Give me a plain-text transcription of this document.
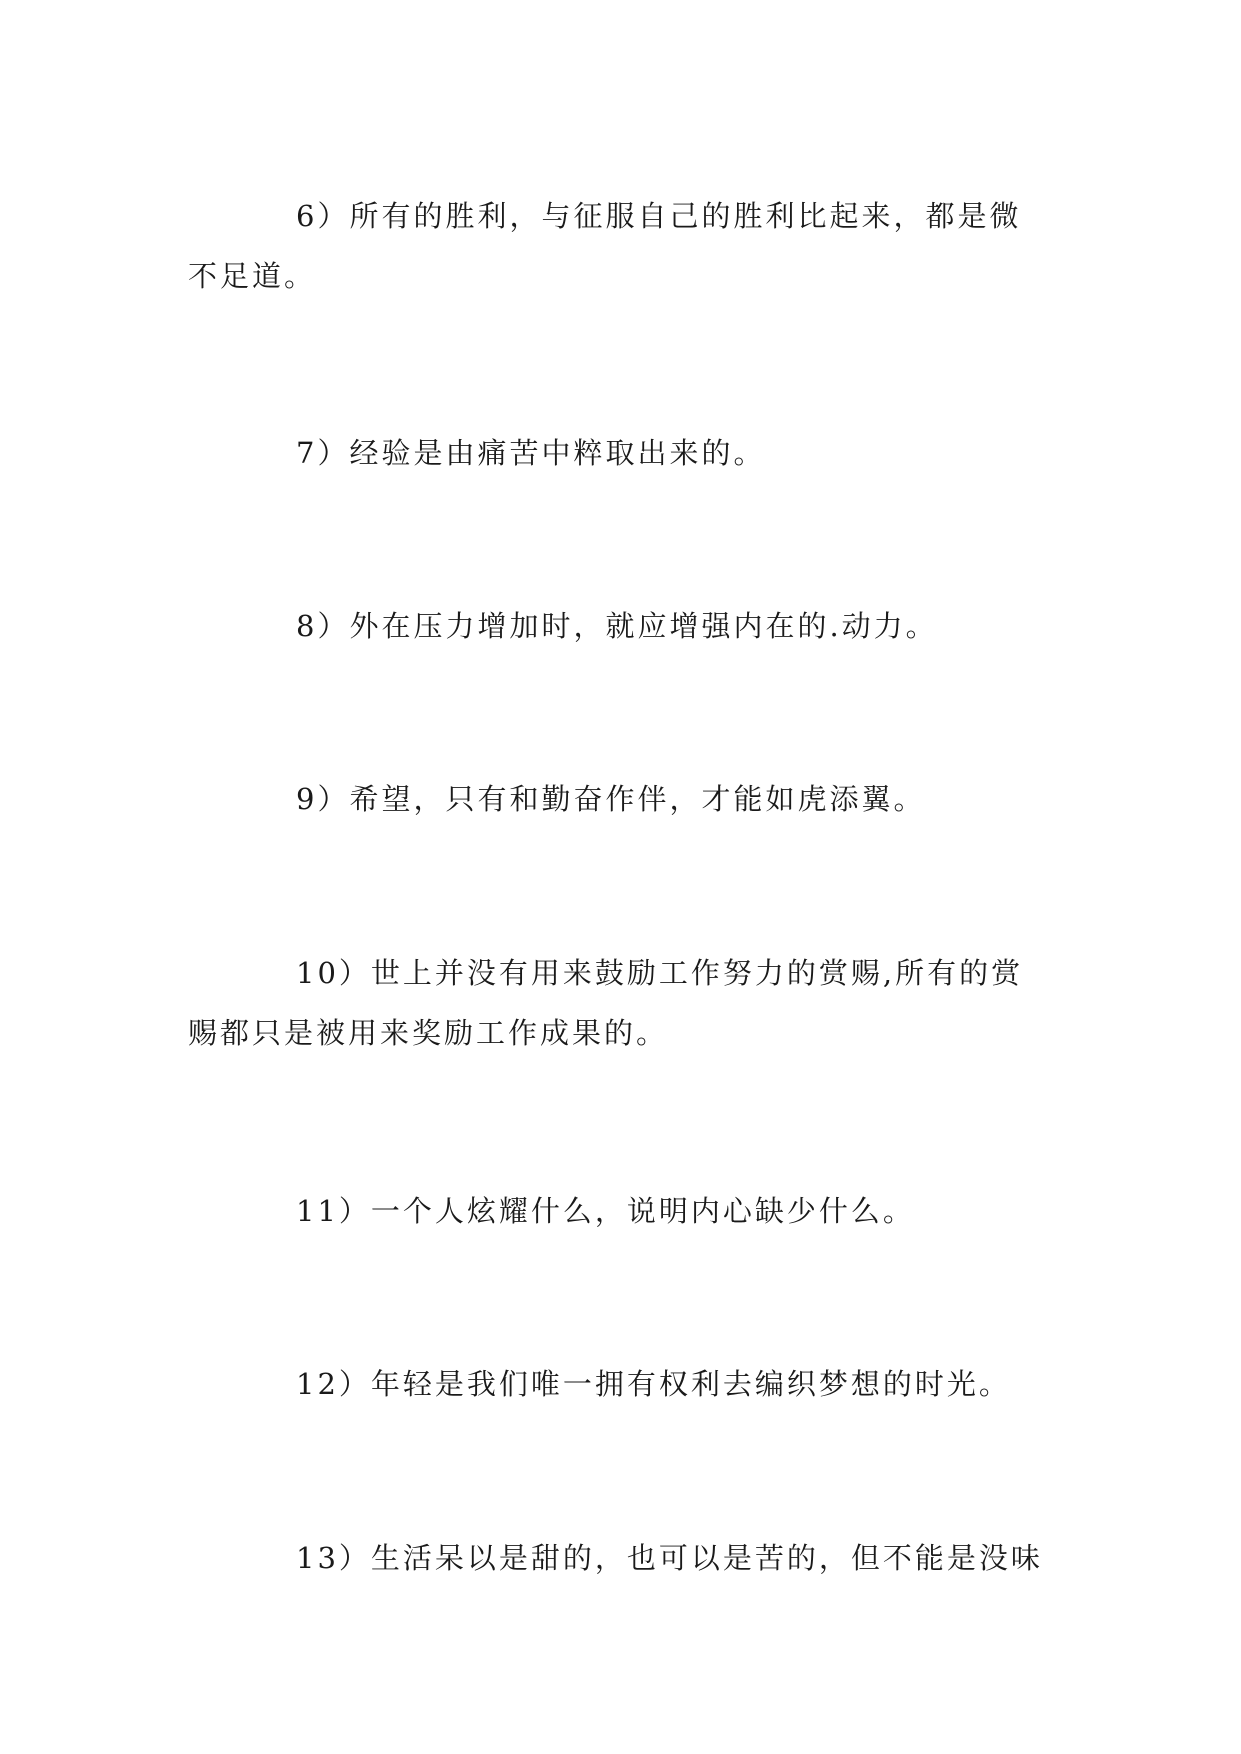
6）所有的胜利，与征服自己的胜利比起来，都是微不足道。

7）经验是由痛苦中粹取出来的。

8）外在压力增加时，就应增强内在的.动力。

9）希望，只有和勤奋作伴，才能如虎添翼。

10）世上并没有用来鼓励工作努力的赏赐,所有的赏赐都只是被用来奖励工作成果的。

11）一个人炫耀什么，说明内心缺少什么。

12）年轻是我们唯一拥有权利去编织梦想的时光。

13）生活呆以是甜的，也可以是苦的，但不能是没味
